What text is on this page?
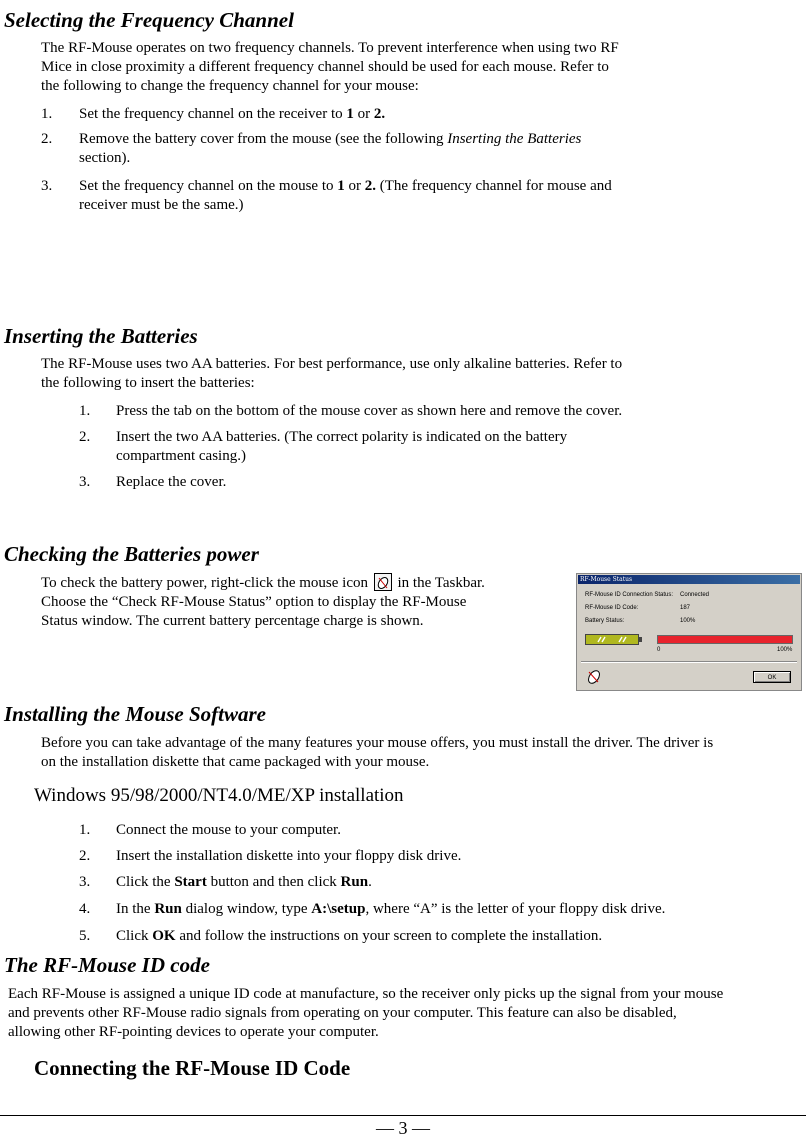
Selecting the Frequency Channel

The RF-Mouse operates on two frequency channels. To prevent interference when using two RF

Mice in close proximity a different frequency channel should be used for each mouse. Refer to

the following to change the frequency channel for your mouse:

1. Set the frequency channel on the receiver to 1 or 2.
2. Remove the battery cover from the mouse (see the following Inserting the Batteries
section).
3. Set the frequency channel on the mouse to 1 or 2. (The frequency channel for mouse and
receiver must be the same.)
Inserting the Batteries

The RF-Mouse uses two AA batteries. For best performance, use only alkaline batteries. Refer to

the following to insert the batteries:

1. Press the tab on the bottom of the mouse cover as shown here and remove the cover.
2. Insert the two AA batteries. (The correct polarity is indicated on the battery
compartment casing.)
3. Replace the cover.
Checking the Batteries power

To check the battery power, right-click the mouse icon  in the Taskbar.

Choose the “Check RF-Mouse Status” option to display the RF-Mouse

Status window. The current battery percentage charge is shown.

RF-Mouse Status
RF-Mouse ID Connection Status: Connected
RF-Mouse ID Code:	187
Battery Status:	100%
0	100%
OK
Installing the Mouse Software

Before you can take advantage of the many features your mouse offers, you must install the driver. The driver is

on the installation diskette that came packaged with your mouse.

Windows 95/98/2000/NT4.0/ME/XP installation
1. Connect the mouse to your computer.
2. Insert the installation diskette into your floppy disk drive.
3. Click the Start button and then click Run.
4. In the Run dialog window, type A:\setup, where “A” is the letter of your floppy disk drive.
5. Click OK and follow the instructions on your screen to complete the installation.
The RF-Mouse ID code

Each RF-Mouse is assigned a unique ID code at manufacture, so the receiver only picks up the signal from your mouse

and prevents other RF-Mouse radio signals from operating on your computer. This feature can also be disabled,

allowing other RF-pointing devices to operate your computer.

Connecting the RF-Mouse ID Code
— 3 —
